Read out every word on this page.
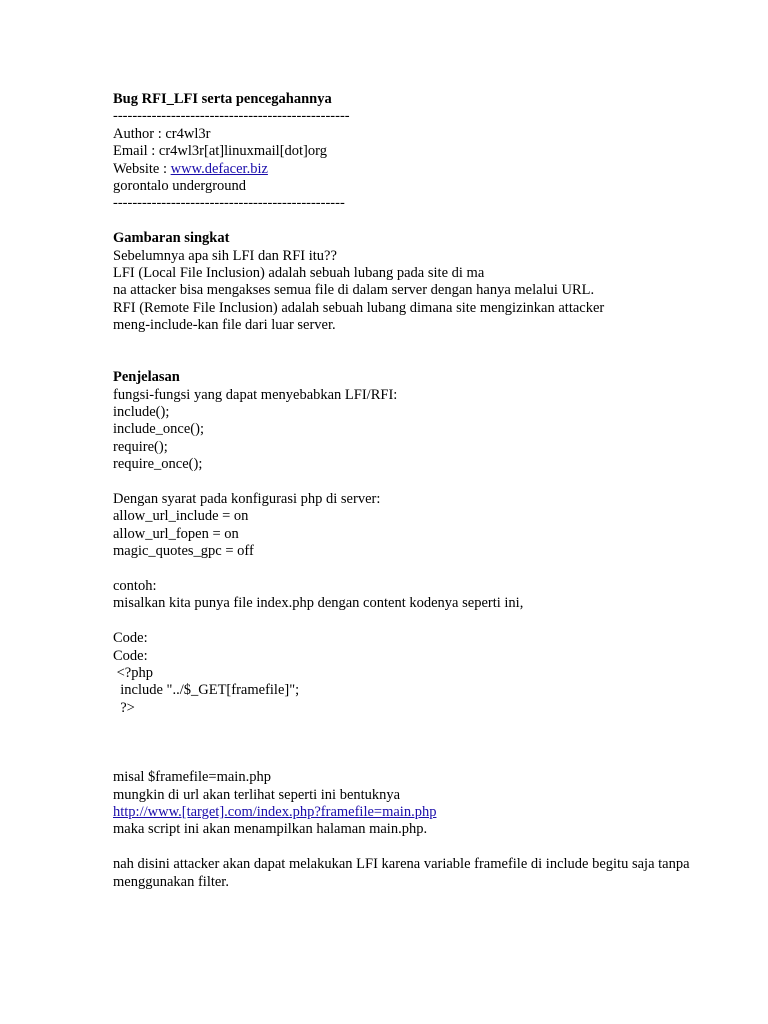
Bug RFI_LFI serta pencegahannya
-------------------------------------------------
Author : cr4wl3r
Email : cr4wl3r[at]linuxmail[dot]org
Website : www.defacer.biz
gorontalo underground
------------------------------------------------
Gambaran singkat
Sebelumnya apa sih LFI dan RFI itu??
LFI (Local File Inclusion) adalah sebuah lubang pada site di ma
na attacker bisa mengakses semua file di dalam server dengan hanya melalui URL.
RFI (Remote File Inclusion) adalah sebuah lubang dimana site mengizinkan attacker
meng-include-kan file dari luar server.
Penjelasan
fungsi-fungsi yang dapat menyebabkan LFI/RFI:
include();
include_once();
require();
require_once();
Dengan syarat pada konfigurasi php di server:
allow_url_include = on
allow_url_fopen = on
magic_quotes_gpc = off
contoh:
misalkan kita punya file index.php dengan content kodenya seperti ini,
Code:
Code:
<?php
include "../$_GET[framefile]";
?>
misal $framefile=main.php
mungkin di url akan terlihat seperti ini bentuknya
http://www.[target].com/index.php?framefile=main.php
maka script ini akan menampilkan halaman main.php.
nah disini attacker akan dapat melakukan LFI karena variable framefile di include begitu saja tanpa menggunakan filter.
